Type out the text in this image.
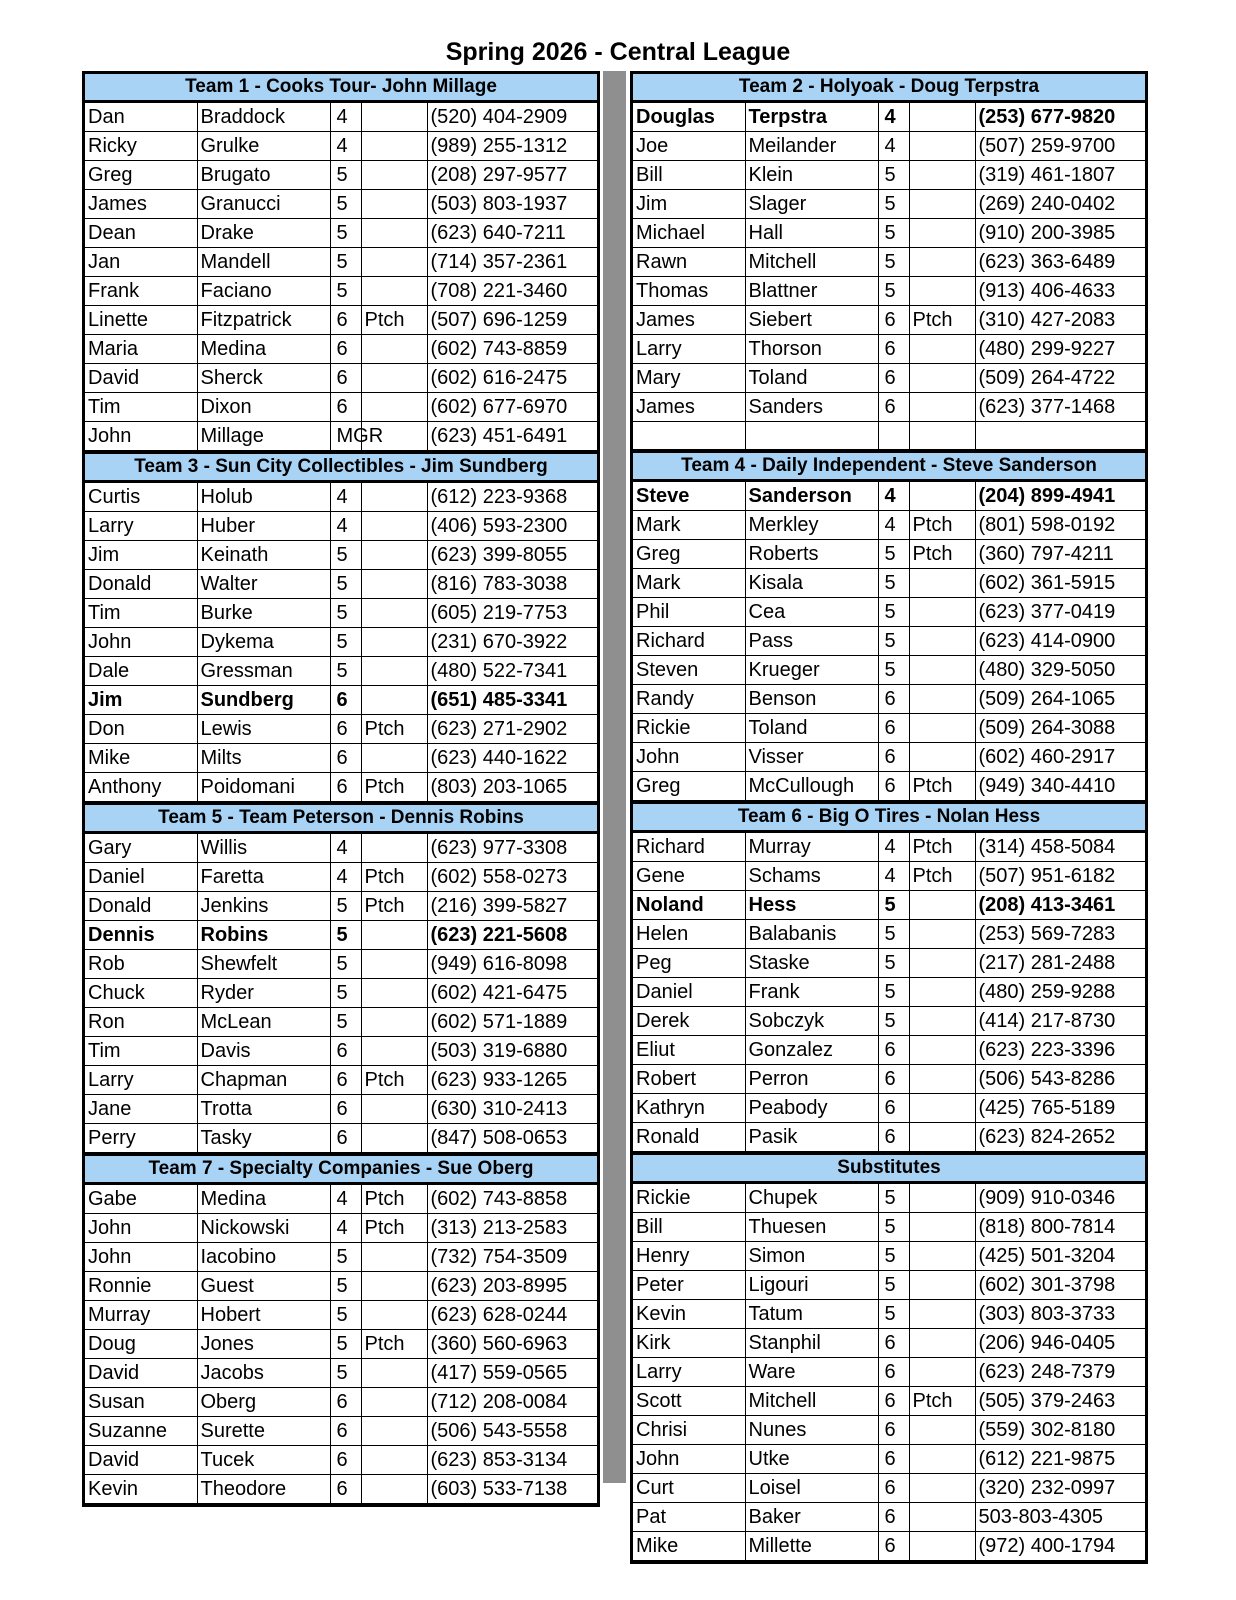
Spring 2026 - Central League
Team 1 - Cooks Tour- John Millage
Dan	Braddock	4		(520) 404-2909
Ricky	Grulke	4		(989) 255-1312
Greg	Brugato	5		(208) 297-9577
James	Granucci	5		(503) 803-1937
Dean	Drake	5		(623) 640-7211
Jan	Mandell	5		(714) 357-2361
Frank	Faciano	5		(708) 221-3460
Linette	Fitzpatrick	6	Ptch	(507) 696-1259
Maria	Medina	6		(602) 743-8859
David	Sherck	6		(602) 616-2475
Tim	Dixon	6		(602) 677-6970
John	Millage	MGR		(623) 451-6491
Team 3 - Sun City Collectibles - Jim Sundberg
Curtis	Holub	4		(612) 223-9368
Larry	Huber	4		(406) 593-2300
Jim	Keinath	5		(623) 399-8055
Donald	Walter	5		(816) 783-3038
Tim	Burke	5		(605) 219-7753
John	Dykema	5		(231) 670-3922
Dale	Gressman	5		(480) 522-7341
Jim	Sundberg	6		(651) 485-3341
Don	Lewis	6	Ptch	(623) 271-2902
Mike	Milts	6		(623) 440-1622
Anthony	Poidomani	6	Ptch	(803) 203-1065
Team 5 - Team Peterson - Dennis Robins
Gary	Willis	4		(623) 977-3308
Daniel	Faretta	4	Ptch	(602) 558-0273
Donald	Jenkins	5	Ptch	(216) 399-5827
Dennis	Robins	5		(623) 221-5608
Rob	Shewfelt	5		(949) 616-8098
Chuck	Ryder	5		(602) 421-6475
Ron	McLean	5		(602) 571-1889
Tim	Davis	6		(503) 319-6880
Larry	Chapman	6	Ptch	(623) 933-1265
Jane	Trotta	6		(630) 310-2413
Perry	Tasky	6		(847) 508-0653
Team 7 - Specialty Companies - Sue Oberg
Gabe	Medina	4	Ptch	(602) 743-8858
John	Nickowski	4	Ptch	(313) 213-2583
John	Iacobino	5		(732) 754-3509
Ronnie	Guest	5		(623) 203-8995
Murray	Hobert	5		(623) 628-0244
Doug	Jones	5	Ptch	(360) 560-6963
David	Jacobs	5		(417) 559-0565
Susan	Oberg	6		(712) 208-0084
Suzanne	Surette	6		(506) 543-5558
David	Tucek	6		(623) 853-3134
Kevin	Theodore	6		(603) 533-7138
Team 2 - Holyoak - Doug Terpstra
Douglas	Terpstra	4		(253) 677-9820
Joe	Meilander	4		(507) 259-9700
Bill	Klein	5		(319) 461-1807
Jim	Slager	5		(269) 240-0402
Michael	Hall	5		(910) 200-3985
Rawn	Mitchell	5		(623) 363-6489
Thomas	Blattner	5		(913) 406-4633
James	Siebert	6	Ptch	(310) 427-2083
Larry	Thorson	6		(480) 299-9227
Mary	Toland	6		(509) 264-4722
James	Sanders	6		(623) 377-1468

Team 4 - Daily Independent - Steve Sanderson
Steve	Sanderson	4		(204) 899-4941
Mark	Merkley	4	Ptch	(801) 598-0192
Greg	Roberts	5	Ptch	(360) 797-4211
Mark	Kisala	5		(602) 361-5915
Phil	Cea	5		(623) 377-0419
Richard	Pass	5		(623) 414-0900
Steven	Krueger	5		(480) 329-5050
Randy	Benson	6		(509) 264-1065
Rickie	Toland	6		(509) 264-3088
John	Visser	6		(602) 460-2917
Greg	McCullough	6	Ptch	(949) 340-4410
Team 6 - Big O Tires - Nolan Hess
Richard	Murray	4	Ptch	(314) 458-5084
Gene	Schams	4	Ptch	(507) 951-6182
Noland	Hess	5		(208) 413-3461
Helen	Balabanis	5		(253) 569-7283
Peg	Staske	5		(217) 281-2488
Daniel	Frank	5		(480) 259-9288
Derek	Sobczyk	5		(414) 217-8730
Eliut	Gonzalez	6		(623) 223-3396
Robert	Perron	6		(506) 543-8286
Kathryn	Peabody	6		(425) 765-5189
Ronald	Pasik	6		(623) 824-2652
Substitutes
Rickie	Chupek	5		(909) 910-0346
Bill	Thuesen	5		(818) 800-7814
Henry	Simon	5		(425) 501-3204
Peter	Ligouri	5		(602) 301-3798
Kevin	Tatum	5		(303) 803-3733
Kirk	Stanphil	6		(206) 946-0405
Larry	Ware	6		(623) 248-7379
Scott	Mitchell	6	Ptch	(505) 379-2463
Chrisi	Nunes	6		(559) 302-8180
John	Utke	6		(612) 221-9875
Curt	Loisel	6		(320) 232-0997
Pat	Baker	6		503-803-4305
Mike	Millette	6		(972) 400-1794
